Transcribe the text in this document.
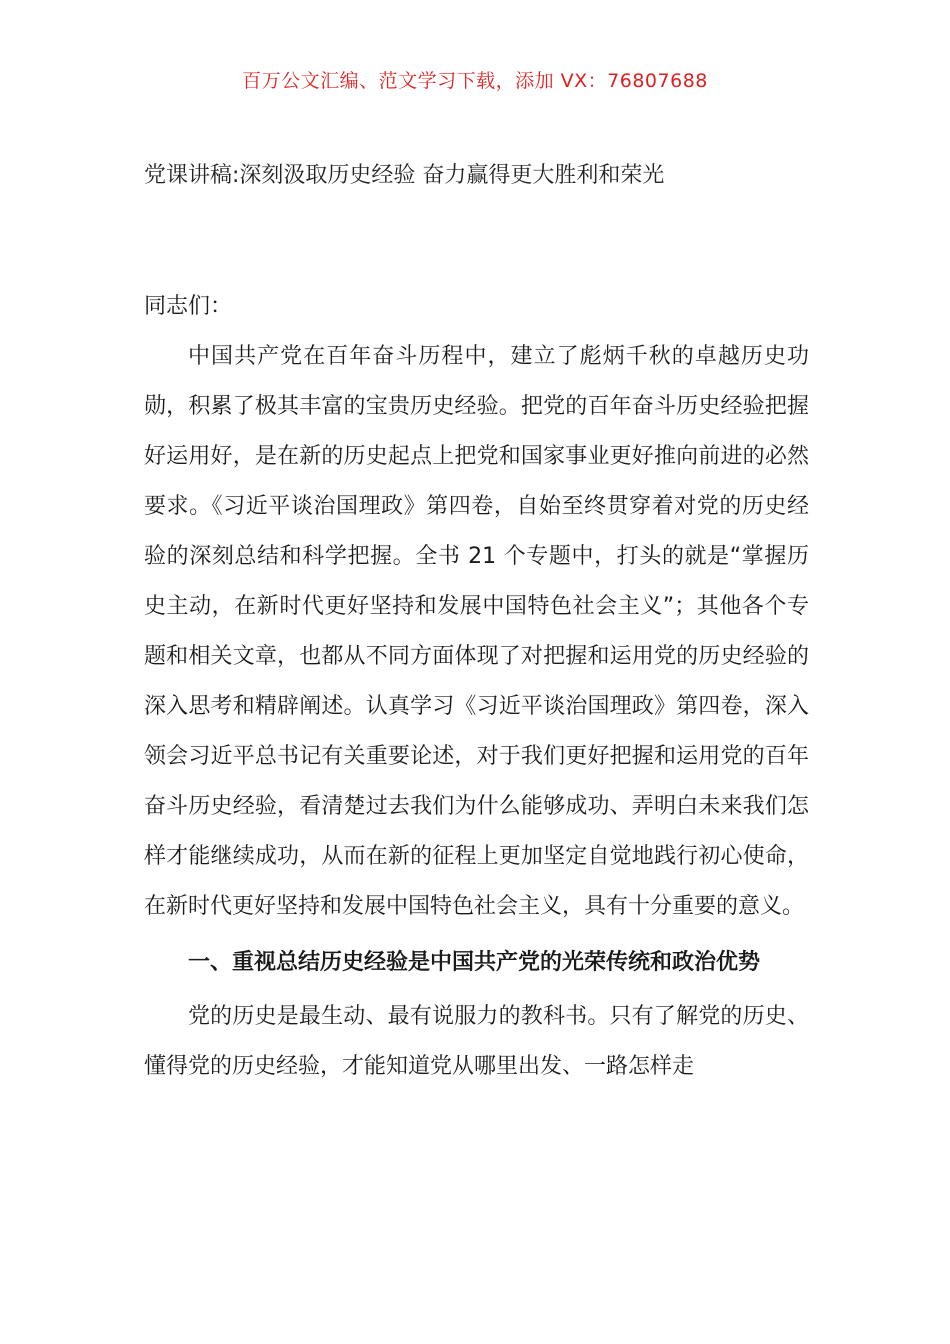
百万公文汇编、范文学习下载，添加 VX：76807688
党课讲稿:深刻汲取历史经验 奋力赢得更大胜利和荣光

同志们：

中国共产党在百年奋斗历程中，建立了彪炳千秋的卓越历史功勋，积累了极其丰富的宝贵历史经验。把党的百年奋斗历史经验把握好运用好，是在新的历史起点上把党和国家事业更好推向前进的必然要求。《习近平谈治国理政》第四卷，自始至终贯穿着对党的历史经验的深刻总结和科学把握。全书 21 个专题中，打头的就是“掌握历史主动，在新时代更好坚持和发展中国特色社会主义”；其他各个专题和相关文章，也都从不同方面体现了对把握和运用党的历史经验的深入思考和精辟阐述。认真学习《习近平谈治国理政》第四卷，深入领会习近平总书记有关重要论述，对于我们更好把握和运用党的百年奋斗历史经验，看清楚过去我们为什么能够成功、弄明白未来我们怎样才能继续成功，从而在新的征程上更加坚定自觉地践行初心使命，在新时代更好坚持和发展中国特色社会主义，具有十分重要的意义。

一、重视总结历史经验是中国共产党的光荣传统和政治优势

党的历史是最生动、最有说服力的教科书。只有了解党的历史、懂得党的历史经验，才能知道党从哪里出发、一路怎样走
